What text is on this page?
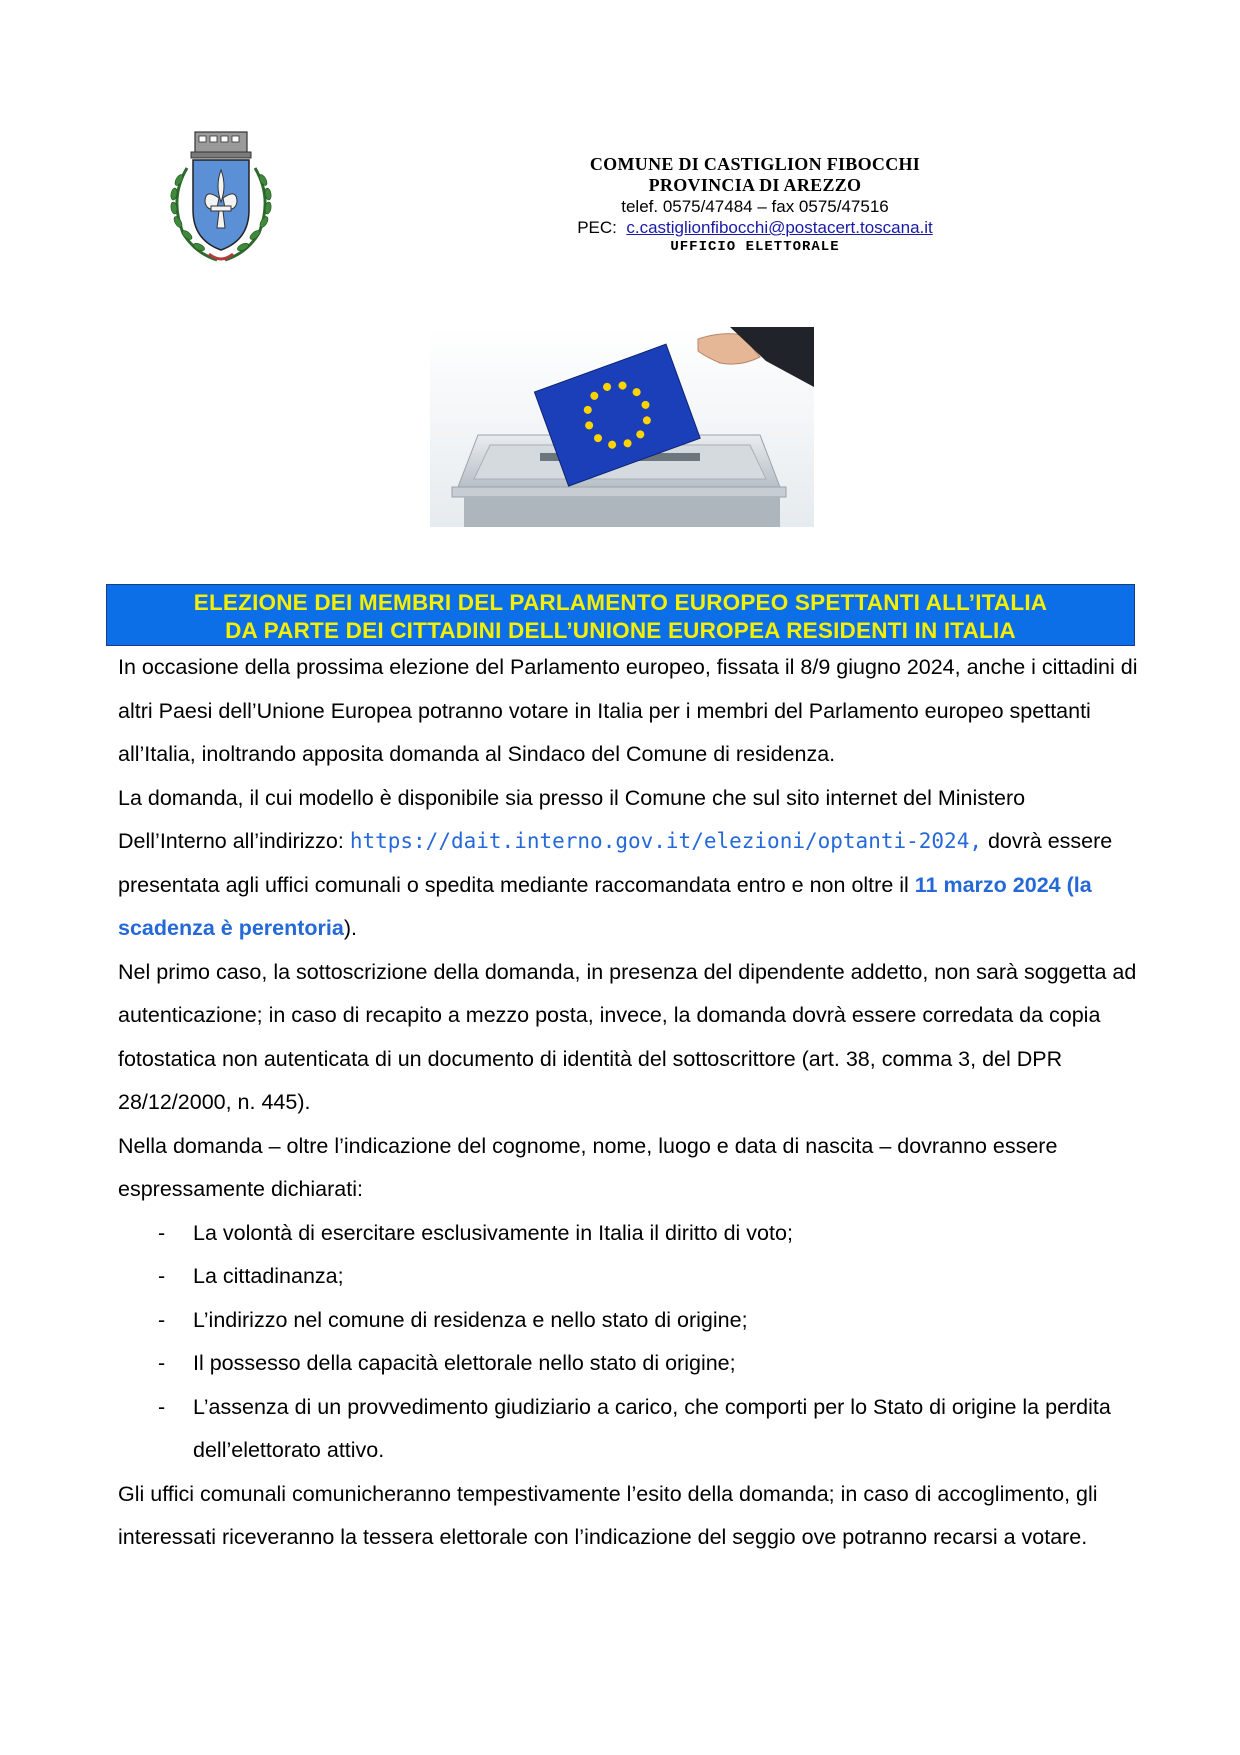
COMUNE DI CASTIGLION FIBOCCHI
PROVINCIA DI AREZZO
telef. 0575/47484 – fax 0575/47516
PEC: c.castiglionfibocchi@postacert.toscana.it
UFFICIO ELETTORALE
ELEZIONE DEI MEMBRI DEL PARLAMENTO EUROPEO SPETTANTI ALL’ITALIA
DA PARTE DEI CITTADINI DELL’UNIONE EUROPEA RESIDENTI IN ITALIA

In occasione della prossima elezione del Parlamento europeo, fissata il 8/9 giugno 2024, anche i cittadini di altri Paesi dell’Unione Europea potranno votare in Italia per i membri del Parlamento europeo spettanti all’Italia, inoltrando apposita domanda al Sindaco del Comune di residenza.

La domanda, il cui modello è disponibile sia presso il Comune che sul sito internet del Ministero Dell’Interno all’indirizzo: https://dait.interno.gov.it/elezioni/optanti-2024, dovrà essere presentata agli uffici comunali o spedita mediante raccomandata entro e non oltre il 11 marzo 2024 (la scadenza è perentoria).

Nel primo caso, la sottoscrizione della domanda, in presenza del dipendente addetto, non sarà soggetta ad autenticazione; in caso di recapito a mezzo posta, invece, la domanda dovrà essere corredata da copia fotostatica non autenticata di un documento di identità del sottoscrittore (art. 38, comma 3, del DPR 28/12/2000, n. 445).

Nella domanda – oltre l’indicazione del cognome, nome, luogo e data di nascita – dovranno essere espressamente dichiarati:

- La volontà di esercitare esclusivamente in Italia il diritto di voto;
- La cittadinanza;
- L’indirizzo nel comune di residenza e nello stato di origine;
- Il possesso della capacità elettorale nello stato di origine;
- L’assenza di un provvedimento giudiziario a carico, che comporti per lo Stato di origine la perdita dell’elettorato attivo.

Gli uffici comunali comunicheranno tempestivamente l’esito della domanda; in caso di accoglimento, gli interessati riceveranno la tessera elettorale con l’indicazione del seggio ove potranno recarsi a votare.
